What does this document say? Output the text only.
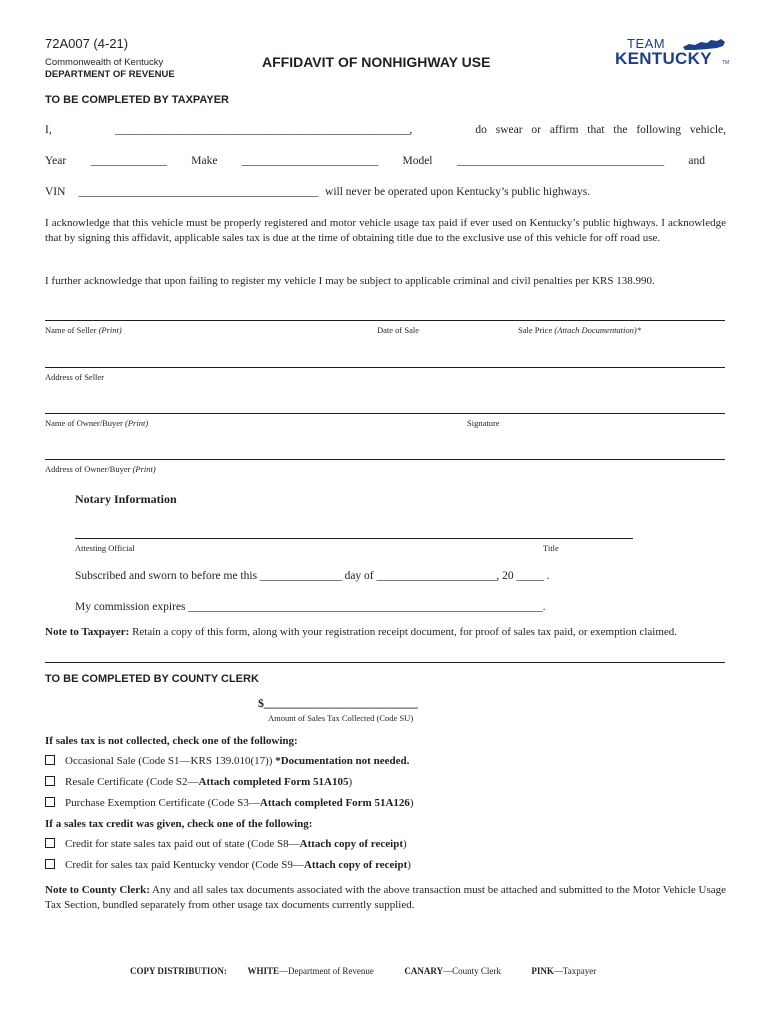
72A007 (4-21)
Commonwealth of Kentucky
DEPARTMENT OF REVENUE
AFFIDAVIT OF NONHIGHWAY USE
TEAM
KENTUCKY TM
TO BE COMPLETED BY TAXPAYER
I,	______________________________________________________,	do swear or affirm that the following vehicle,
Year ______________ Make _________________________ Model ______________________________________ and
VIN ____________________________________________ will never be operated upon Kentucky’s public highways.
I acknowledge that this vehicle must be properly registered and motor vehicle usage tax paid if ever used on Kentucky’s public highways. I acknowledge that by signing this affidavit, applicable sales tax is due at the time of obtaining title due to the exclusive use of this vehicle for off road use.
I further acknowledge that upon failing to register my vehicle I may be subject to applicable criminal and civil penalties per KRS 138.990.
Name of Seller (Print)	Date of Sale	Sale Price (Attach Documentation)*
Address of Seller
Name of Owner/Buyer (Print)	Signature
Address of Owner/Buyer (Print)
Notary Information
Attesting Official	Title
Subscribed and sworn to before me this _______________ day of ______________________, 20 _____ .
My commission expires _________________________________________________________________.
Note to Taxpayer: Retain a copy of this form, along with your registration receipt document, for proof of sales tax paid, or exemption claimed.
TO BE COMPLETED BY COUNTY CLERK
$___________________________
Amount of Sales Tax Collected (Code SU)
If sales tax is not collected, check one of the following:
Occasional Sale (Code S1—KRS 139.010(17)) *Documentation not needed.
Resale Certificate (Code S2—Attach completed Form 51A105)
Purchase Exemption Certificate (Code S3—Attach completed Form 51A126)
If a sales tax credit was given, check one of the following:
Credit for state sales tax paid out of state (Code S8—Attach copy of receipt)
Credit for sales tax paid Kentucky vendor (Code S9—Attach copy of receipt)
Note to County Clerk: Any and all sales tax documents associated with the above transaction must be attached and submitted to the Motor Vehicle Usage Tax Section, bundled separately from other usage tax documents currently supplied.
COPY DISTRIBUTION: WHITE—Department of Revenue	CANARY—County Clerk	PINK—Taxpayer
